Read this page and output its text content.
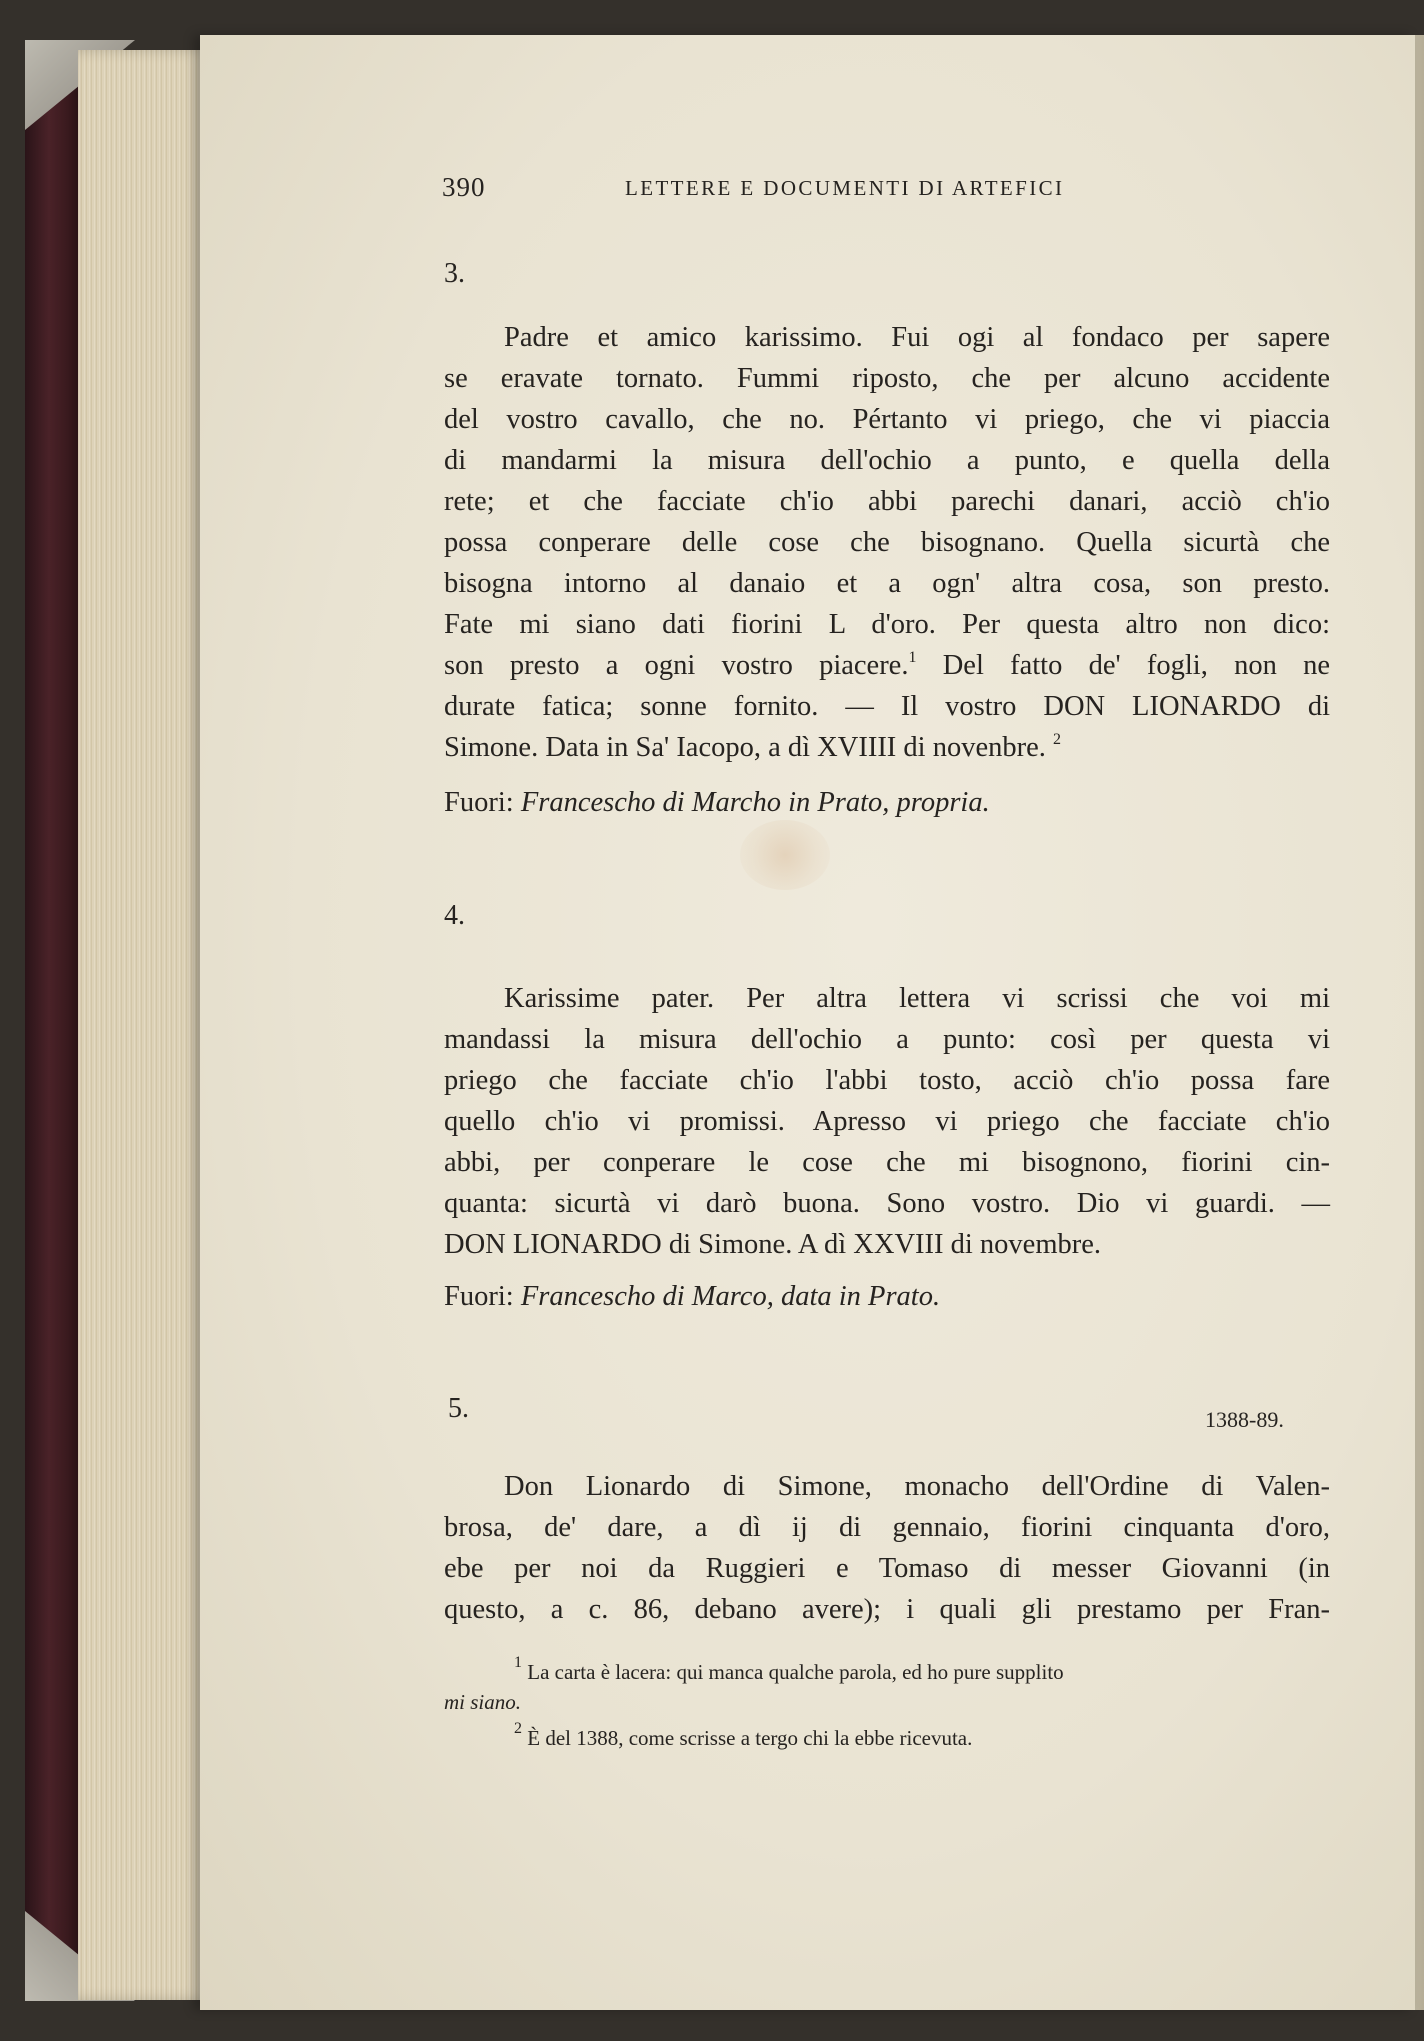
390	LETTERE E DOCUMENTI DI ARTEFICI
3.
Padre et amico karissimo. Fui ogi al fondaco per sapere
se eravate tornato. Fummi riposto, che per alcuno accidente
del vostro cavallo, che no. Pértanto vi priego, che vi piaccia
di mandarmi la misura dell'ochio a punto, e quella della
rete; et che facciate ch'io abbi parechi danari, acciò ch'io
possa conperare delle cose che bisognano. Quella sicurtà che
bisogna intorno al danaio et a ogn' altra cosa, son presto.
Fate mi siano dati fiorini L d'oro. Per questa altro non dico:
son presto a ogni vostro piacere.$^1$ Del fatto de' fogli, non ne
durate fatica; sonne fornito. — Il vostro DON LIONARDO di
Simone. Data in Sa' Iacopo, a dì XVIIII di novenbre. $^2$
Fuori: Francescho di Marcho in Prato, propria.
4.
Karissime pater. Per altra lettera vi scrissi che voi mi
mandassi la misura dell'ochio a punto: così per questa vi
priego che facciate ch'io l'abbi tosto, acciò ch'io possa fare
quello ch'io vi promissi. Apresso vi priego che facciate ch'io
abbi, per conperare le cose che mi bisognono, fiorini cin-
quanta: sicurtà vi darò buona. Sono vostro. Dio vi guardi. —
DON LIONARDO di Simone. A dì XXVIII di novembre.
Fuori: Francescho di Marco, data in Prato.
5.	1388-89.
Don Lionardo di Simone, monacho dell'Ordine di Valen-
brosa, de' dare, a dì ij di gennaio, fiorini cinquanta d'oro,
ebe per noi da Ruggieri e Tomaso di messer Giovanni (in
questo, a c. 86, debano avere); i quali gli prestamo per Fran-
$^1$ La carta è lacera: qui manca qualche parola, ed ho pure supplito
mi siano.
$^2$ È del 1388, come scrisse a tergo chi la ebbe ricevuta.
